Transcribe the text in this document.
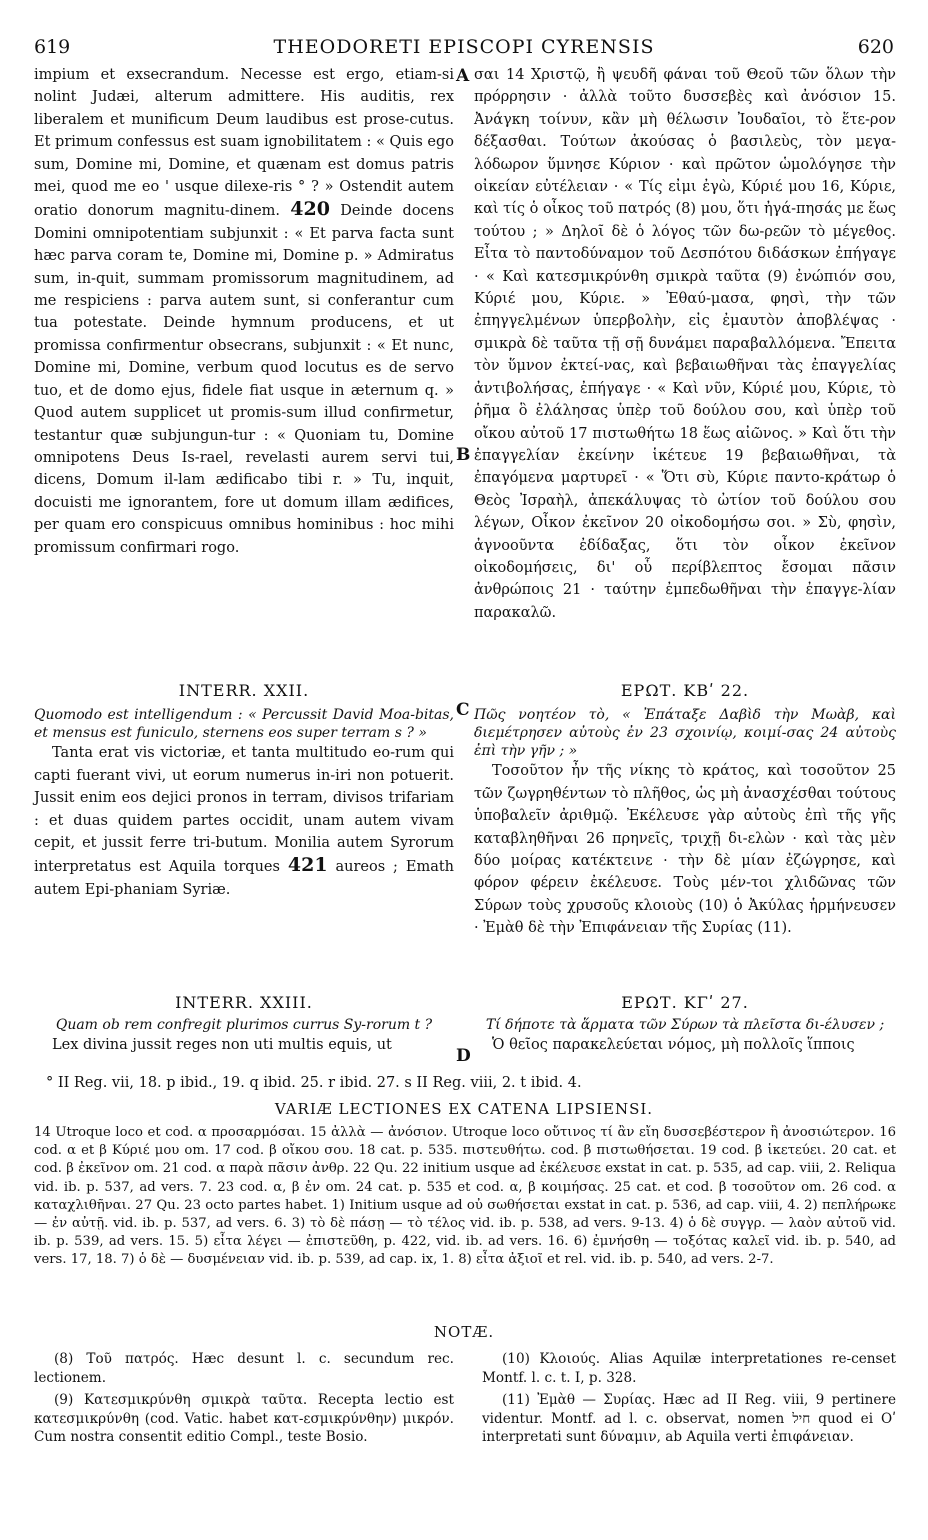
619	THEODORETI EPISCOPI CYRENSIS	620
A
B
C
D

impium et exsecrandum. Necesse est ergo, etiam-si nolint Judæi, alterum admittere. His auditis, rex liberalem et munificum Deum laudibus est prose-cutus. Et primum confessus est suam ignobilitatem : « Quis ego sum, Domine mi, Domine, et quænam est domus patris mei, quod me eo ' usque dilexe-ris ° ? » Ostendit autem oratio donorum magnitu-dinem. 420 Deinde docens Domini omnipotentiam subjunxit : « Et parva facta sunt hæc parva coram te, Domine mi, Domine p. » Admiratus sum, in-quit, summam promissorum magnitudinem, ad me respiciens : parva autem sunt, si conferantur cum tua potestate. Deinde hymnum producens, et ut promissa confirmentur obsecrans, subjunxit : « Et nunc, Domine mi, Domine, verbum quod locutus es de servo tuo, et de domo ejus, fidele fiat usque in æternum q. » Quod autem supplicet ut promis-sum illud confirmetur, testantur quæ subjungun-tur : « Quoniam tu, Domine omnipotens Deus Is-rael, revelasti aurem servi tui, dicens, Domum il-lam ædificabo tibi r. » Tu, inquit, docuisti me ignorantem, fore ut domum illam ædifices, per quam ero conspicuus omnibus hominibus : hoc mihi promissum confirmari rogo.

INTERR. XXII.
Quomodo est intelligendum : « Percussit David Moa-bitas, et mensus est funiculo, sternens eos super terram s ? »

Tanta erat vis victoriæ, et tanta multitudo eo-rum qui capti fuerant vivi, ut eorum numerus in-iri non potuerit. Jussit enim eos dejici pronos in terram, divisos trifariam : et duas quidem partes occidit, unam autem vivam cepit, et jussit ferre tri-butum. Monilia autem Syrorum interpretatus est Aquila torques 421 aureos ; Emath autem Epi-phaniam Syriæ.

INTERR. XXIII.
Quam ob rem confregit plurimos currus Sy-rorum t ?

Lex divina jussit reges non uti multis equis, ut

σαι 14 Χριστῷ, ἢ ψευδῆ φάναι τοῦ Θεοῦ τῶν ὅλων τὴν πρόρρησιν · ἀλλὰ τοῦτο δυσσεβὲς καὶ ἀνόσιον 15. Ἀνάγκη τοίνυν, κἂν μὴ θέλωσιν Ἰουδαῖοι, τὸ ἕτε-ρον δέξασθαι. Τούτων ἀκούσας ὁ βασιλεὺς, τὸν μεγα-λόδωρον ὕμνησε Κύριον · καὶ πρῶτον ὡμολόγησε τὴν οἰκείαν εὐτέλειαν · « Τίς εἰμι ἐγὼ, Κύριέ μου 16, Κύριε, καὶ τίς ὁ οἶκος τοῦ πατρός (8) μου, ὅτι ἠγά-πησάς με ἕως τούτου ; » Δηλοῖ δὲ ὁ λόγος τῶν δω-ρεῶν τὸ μέγεθος. Εἶτα τὸ παντοδύναμον τοῦ Δεσπότου διδάσκων ἐπήγαγε · « Καὶ κατεσμικρύνθη σμικρὰ ταῦτα (9) ἐνώπιόν σου, Κύριέ μου, Κύριε. » Ἐθαύ-μασα, φησὶ, τὴν τῶν ἐπηγγελμένων ὑπερβολὴν, εἰς ἐμαυτὸν ἀποβλέψας · σμικρὰ δὲ ταῦτα τῇ σῇ δυνάμει παραβαλλόμενα. Ἔπειτα τὸν ὕμνον ἐκτεί-νας, καὶ βεβαιωθῆναι τὰς ἐπαγγελίας ἀντιβολήσας, ἐπήγαγε · « Καὶ νῦν, Κύριέ μου, Κύριε, τὸ ῥῆμα ὃ ἐλάλησας ὑπὲρ τοῦ δούλου σου, καὶ ὑπὲρ τοῦ οἴκου αὐτοῦ 17 πιστωθήτω 18 ἕως αἰῶνος. » Καὶ ὅτι τὴν ἐπαγγελίαν ἐκείνην ἱκέτευε 19 βεβαιωθῆναι, τὰ ἐπαγόμενα μαρτυρεῖ · « Ὅτι σὺ, Κύριε παντο-κράτωρ ὁ Θεὸς Ἰσραὴλ, ἀπεκάλυψας τὸ ὠτίον τοῦ δούλου σου λέγων, Οἶκον ἐκεῖνον 20 οἰκοδομήσω σοι. » Σὺ, φησὶν, ἀγνοοῦντα ἐδίδαξας, ὅτι τὸν οἶκον ἐκεῖνον οἰκοδομήσεις, δι' οὗ περίβλεπτος ἔσομαι πᾶσιν ἀνθρώποις 21 · ταύτην ἐμπεδωθῆναι τὴν ἐπαγγε-λίαν παρακαλῶ.

ΕΡΩΤ. ΚΒʹ 22.
Πῶς νοητέον τὸ, « Ἐπάταξε Δαβὶδ τὴν Μωὰβ, καὶ διεμέτρησεν αὐτοὺς ἐν 23 σχοινίῳ, κοιμί-σας 24 αὐτοὺς ἐπὶ τὴν γῆν ; »

Τοσοῦτον ἦν τῆς νίκης τὸ κράτος, καὶ τοσοῦτον 25 τῶν ζωγρηθέντων τὸ πλῆθος, ὡς μὴ ἀνασχέσθαι τούτους ὑποβαλεῖν ἀριθμῷ. Ἐκέλευσε γὰρ αὐτοὺς ἐπὶ τῆς γῆς καταβληθῆναι 26 πρηνεῖς, τριχῇ δι-ελὼν · καὶ τὰς μὲν δύο μοίρας κατέκτεινε · τὴν δὲ μίαν ἐζώγρησε, καὶ φόρον φέρειν ἐκέλευσε. Τοὺς μέν-τοι χλιδῶνας τῶν Σύρων τοὺς χρυσοῦς κλοιοὺς (10) ὁ Ἀκύλας ἡρμήνευσεν · Ἐμὰθ δὲ τὴν Ἐπιφάνειαν τῆς Συρίας (11).

ΕΡΩΤ. ΚΓʹ 27.
Τί δήποτε τὰ ἅρματα τῶν Σύρων τὰ πλεῖστα δι-έλυσεν ;

Ὁ θεῖος παρακελεύεται νόμος, μὴ πολλοῖς ἵπποις

° II Reg. vii, 18. p ibid., 19. q ibid. 25. r ibid. 27. s II Reg. viii, 2. t ibid. 4.
VARIÆ LECTIONES EX CATENA LIPSIENSI.
14 Utroque loco et cod. α προσαρμόσαι. 15 ἀλλὰ — ἀνόσιον. Utroque loco οὔτινος τί ἂν εἴη δυσσεβέστερον ἢ ἀνοσιώτερον. 16 cod. α et β Κύριέ μου om. 17 cod. β οἴκου σου. 18 cat. p. 535. πιστευθήτω. cod. β πιστωθήσεται. 19 cod. β ἱκετεύει. 20 cat. et cod. β ἐκεῖνον om. 21 cod. α παρὰ πᾶσιν ἀνθρ. 22 Qu. 22 initium usque ad ἐκέλευσε exstat in cat. p. 535, ad cap. viii, 2. Reliqua vid. ib. p. 537, ad vers. 7. 23 cod. α, β ἐν om. 24 cat. p. 535 et cod. α, β κοιμήσας. 25 cat. et cod. β τοσοῦτον om. 26 cod. α καταχλιθῆναι. 27 Qu. 23 octo partes habet. 1) Initium usque ad οὐ σωθήσεται exstat in cat. p. 536, ad cap. viii, 4. 2) πεπλήρωκε — ἐν αὐτῇ. vid. ib. p. 537, ad vers. 6. 3) τὸ δὲ πάσῃ — τὸ τέλος vid. ib. p. 538, ad vers. 9-13. 4) ὁ δὲ συγγρ. — λαὸν αὐτοῦ vid. ib. p. 539, ad vers. 15. 5) εἶτα λέγει — ἐπιστεῦθη, p. 422, vid. ib. ad vers. 16. 6) ἐμνήσθη — τοξότας καλεῖ vid. ib. p. 540, ad vers. 17, 18. 7) ὁ δὲ — δυσμένειαν vid. ib. p. 539, ad cap. ix, 1. 8) εἶτα ἀξιοῖ et rel. vid. ib. p. 540, ad vers. 2-7.
NOTÆ.

(8) Τοῦ πατρός. Hæc desunt l. c. secundum rec. lectionem.

(9) Κατεσμικρύνθη σμικρὰ ταῦτα. Recepta lectio est κατεσμικρύνθη (cod. Vatic. habet κατ-εσμικρύνθην) μικρόν. Cum nostra consentit editio Compl., teste Bosio.

(10) Κλοιούς. Alias Aquilæ interpretationes re-censet Montf. l. c. t. I, p. 328.

(11) Ἐμὰθ — Συρίας. Hæc ad II Reg. viii, 9 pertinere videntur. Montf. ad l. c. observat, nomen חיל quod ei Οʹ interpretati sunt δύναμιν, ab Aquila verti ἐπιφάνειαν.
